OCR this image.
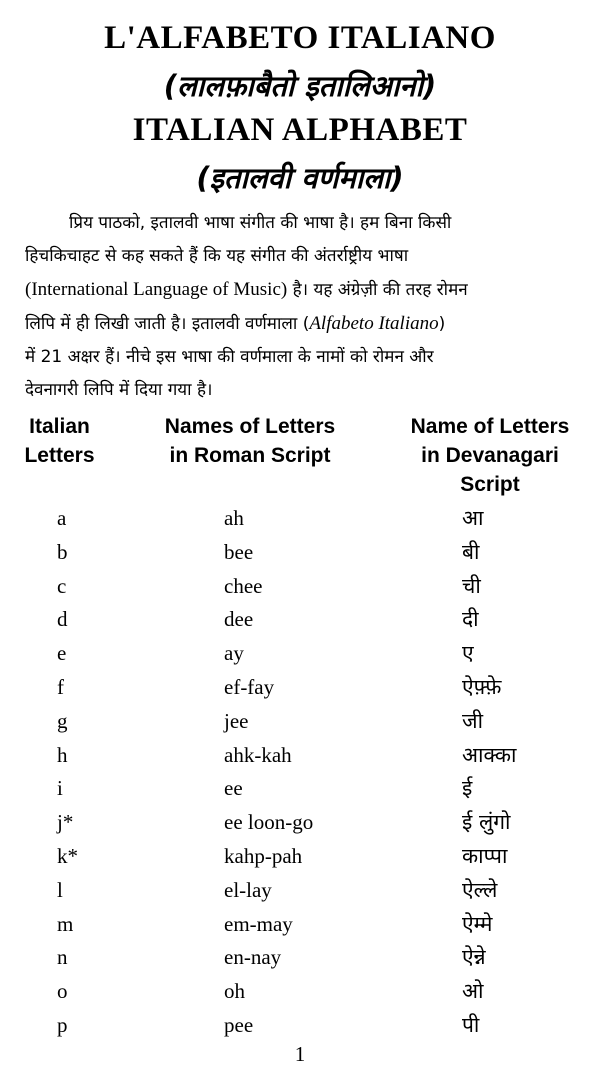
L'ALFABETO ITALIANO
(लालफ़ाबैतो इतालिआनो)
ITALIAN ALPHABET
(इतालवी वर्णमाला)
प्रिय पाठको, इतालवी भाषा संगीत की भाषा है। हम बिना किसी
हिचकिचाहट से कह सकते हैं कि यह संगीत की अंतर्राष्ट्रीय भाषा
(International Language of Music) है। यह अंग्रेज़ी की तरह रोमन
लिपि में ही लिखी जाती है। इतालवी वर्णमाला (Alfabeto Italiano)
में 21 अक्षर हैं। नीचे इस भाषा की वर्णमाला के नामों को रोमन और
देवनागरी लिपि में दिया गया है।
Italian
Letters
Names of Letters
in Roman Script
Name of Letters
in Devanagari
Script
a	ah	आ
b	bee	बी
c	chee	ची
d	dee	दी
e	ay	ए
f	ef-fay	ऐफ़्फ़े
g	jee	जी
h	ahk-kah	आक्का
i	ee	ई
j*	ee loon-go	ई लुंगो
k*	kahp-pah	काप्पा
l	el-lay	ऐल्ले
m	em-may	ऐम्मे
n	en-nay	ऐन्ने
o	oh	ओ
p	pee	पी
1
